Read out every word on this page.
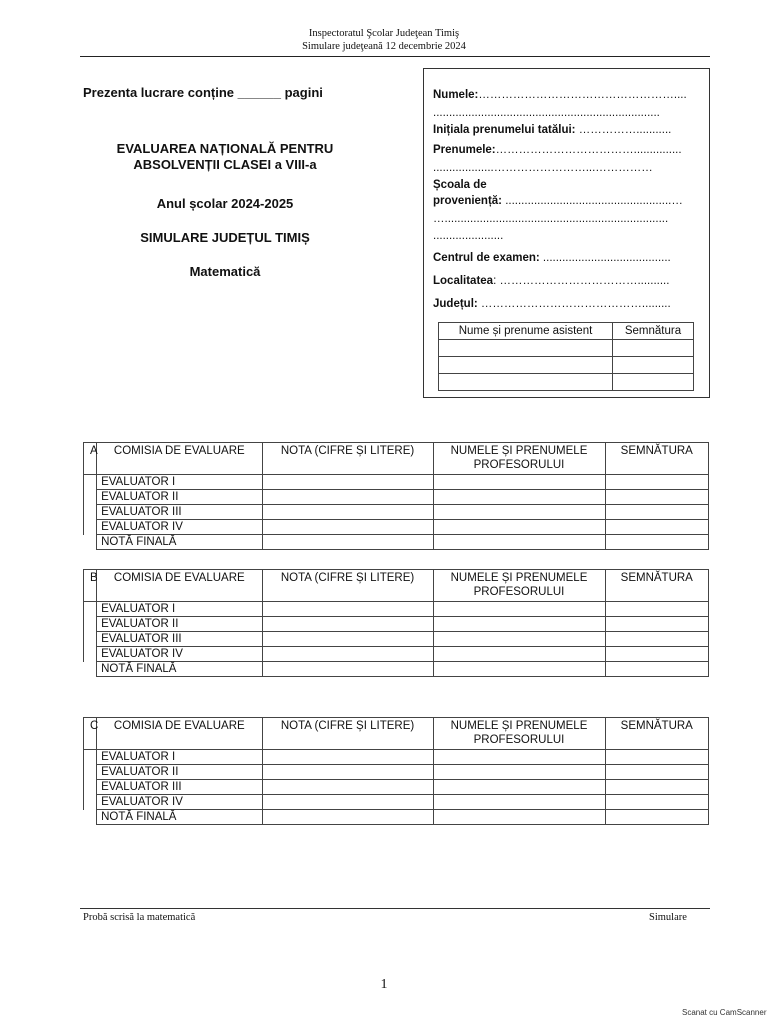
Inspectoratul Şcolar Judeţean Timiş
Simulare judeţeană 12 decembrie 2024
Prezenta lucrare conține ______ pagini
EVALUAREA NAȚIONALĂ PENTRU
ABSOLVENȚII CLASEI a VIII-a
Anul școlar 2024-2025
SIMULARE JUDEȚUL TIMIȘ
Matematică
Numele:……………………………………………....
.......................................................................
Inițiala prenumelui tatălui: ……………...........
Prenumele:………………………………...............
...................……………………...……………
Școala de
proveniență: ....................................................…
…......................................................................
......................
Centrul de examen: ........................................
Localitatea: ………………………………..........
Județul: …………………………………….........
Nume și prenume asistent	Semnătura

A	COMISIA DE EVALUARE	NOTA (CIFRE ȘI LITERE)	NUMELE ȘI PRENUMELE PROFESORULUI	SEMNĂTURA
	EVALUATOR I			
	EVALUATOR II			
	EVALUATOR III			
	EVALUATOR IV			
	NOTĂ FINALĂ			
B	COMISIA DE EVALUARE	NOTA (CIFRE ȘI LITERE)	NUMELE ȘI PRENUMELE PROFESORULUI	SEMNĂTURA
	EVALUATOR I			
	EVALUATOR II			
	EVALUATOR III			
	EVALUATOR IV			
	NOTĂ FINALĂ			
C	COMISIA DE EVALUARE	NOTA (CIFRE ȘI LITERE)	NUMELE ȘI PRENUMELE PROFESORULUI	SEMNĂTURA
	EVALUATOR I			
	EVALUATOR II			
	EVALUATOR III			
	EVALUATOR IV			
	NOTĂ FINALĂ			
Probă scrisă la matematică	Simulare
1
Scanat cu CamScanner
